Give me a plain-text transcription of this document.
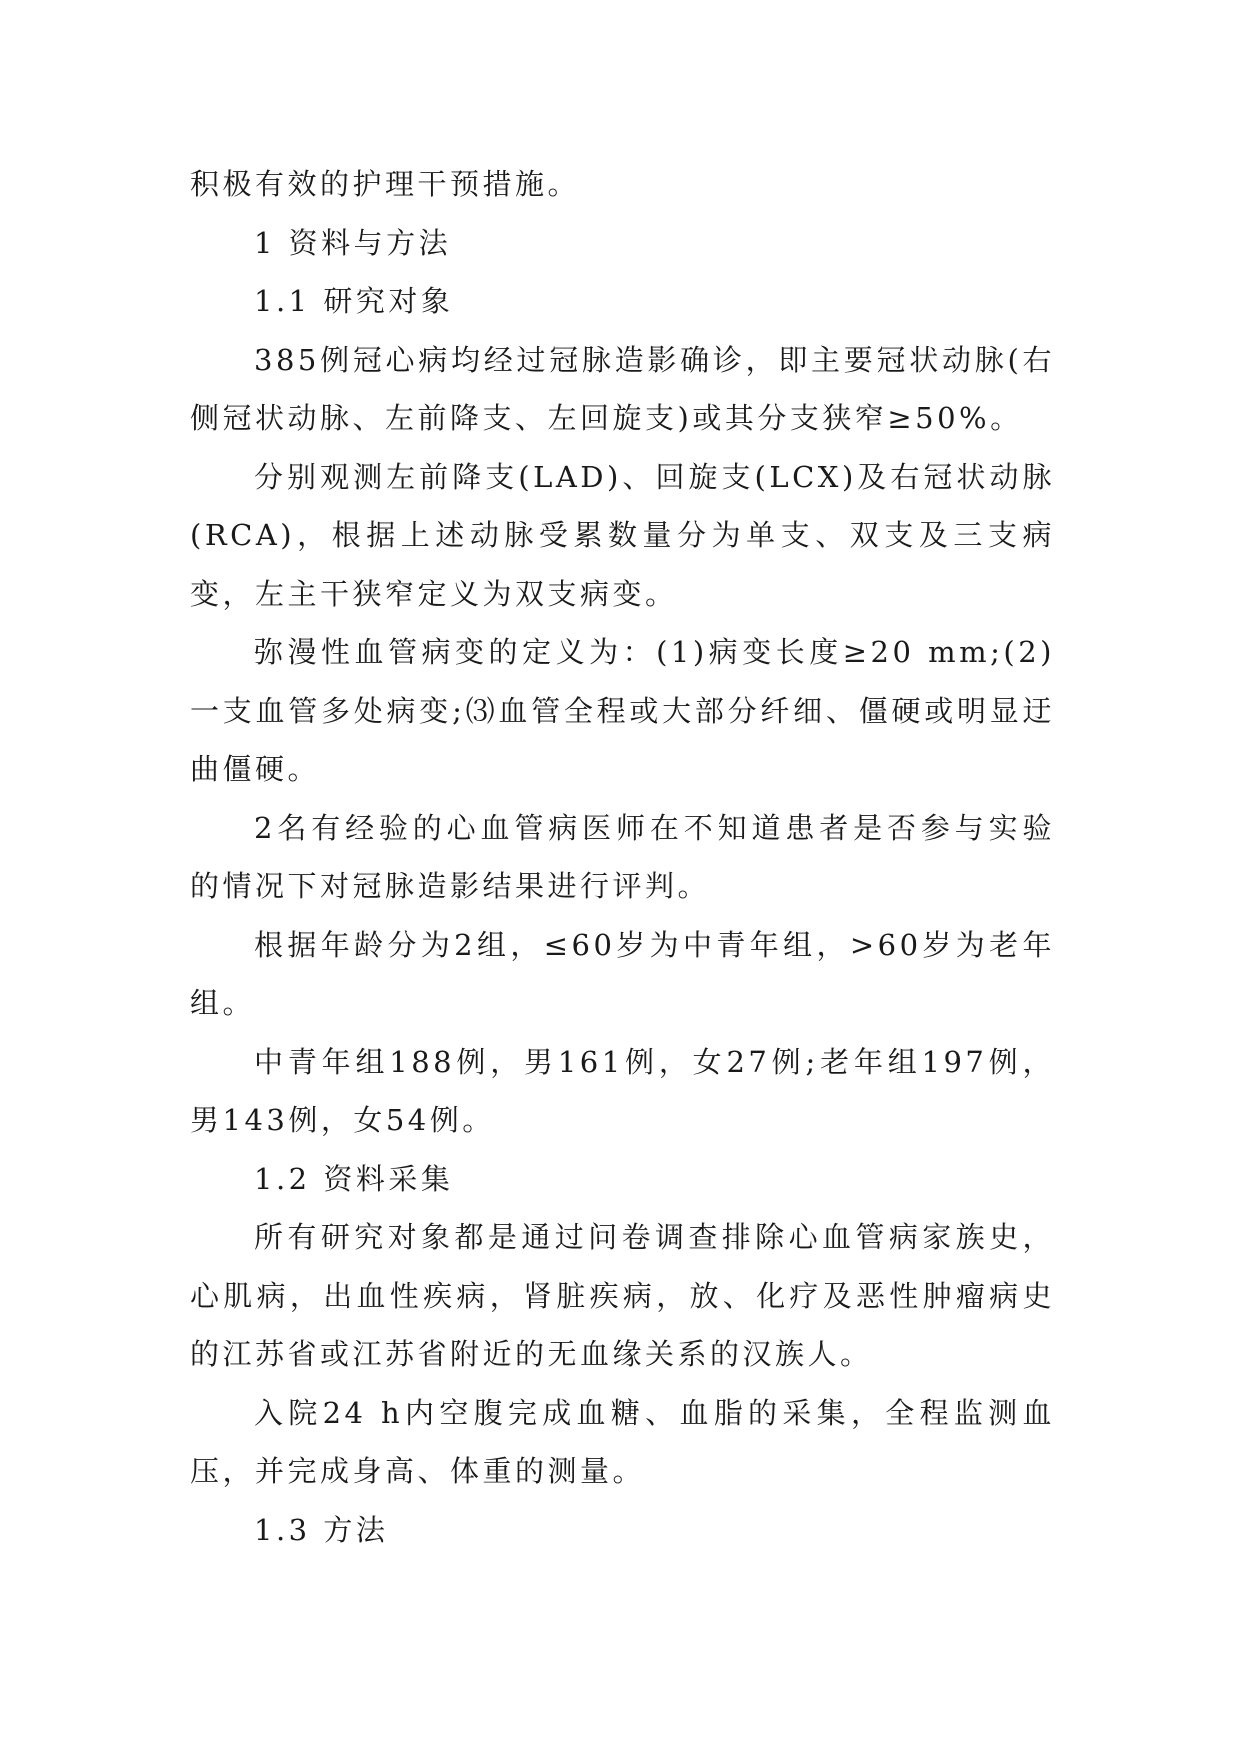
积极有效的护理干预措施。

1 资料与方法

1.1 研究对象

385例冠心病均经过冠脉造影确诊，即主要冠状动脉(右侧冠状动脉、左前降支、左回旋支)或其分支狭窄≥50%。

分别观测左前降支(LAD)、回旋支(LCX)及右冠状动脉(RCA)，根据上述动脉受累数量分为单支、双支及三支病变，左主干狭窄定义为双支病变。

弥漫性血管病变的定义为：(1)病变长度≥20 mm;(2)一支血管多处病变;⑶血管全程或大部分纤细、僵硬或明显迂曲僵硬。

2名有经验的心血管病医师在不知道患者是否参与实验的情况下对冠脉造影结果进行评判。

根据年龄分为2组，≤60岁为中青年组，>60岁为老年组。

中青年组188例，男161例，女27例;老年组197例，男143例，女54例。

1.2 资料采集

所有研究对象都是通过问卷调查排除心血管病家族史，心肌病，出血性疾病，肾脏疾病，放、化疗及恶性肿瘤病史的江苏省或江苏省附近的无血缘关系的汉族人。

入院24 h内空腹完成血糖、血脂的采集，全程监测血压，并完成身高、体重的测量。

1.3 方法
